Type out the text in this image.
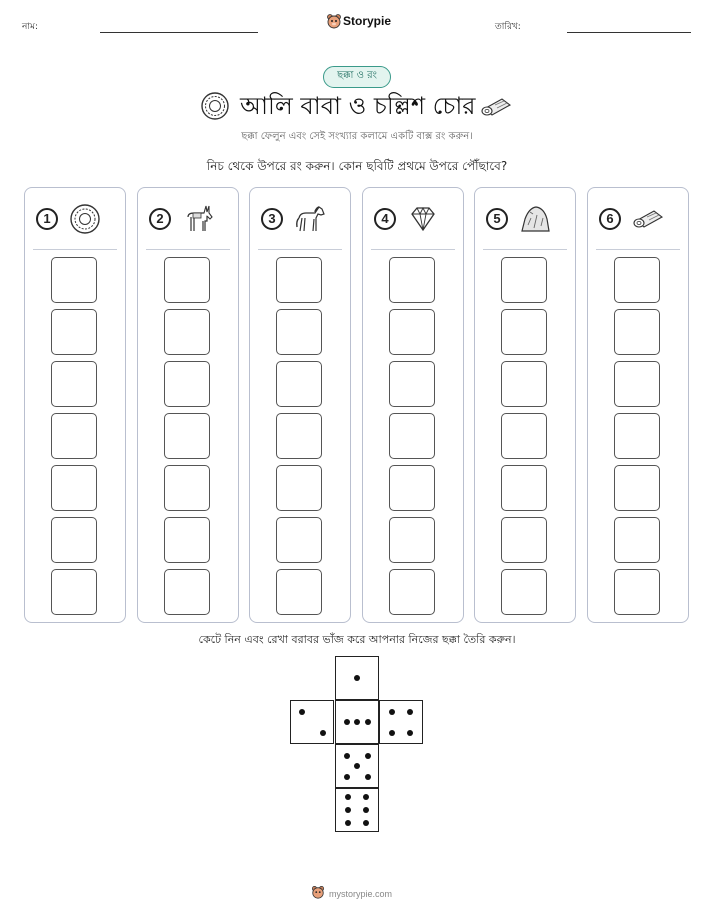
নাম:	Storypie	তারিখ:
ছক্কা ও রং
আলি বাবা ও চল্লিশ চোর
ছক্কা ফেলুন এবং সেই সংখ্যার কলামে একটি বাক্স রং করুন।
নিচ থেকে উপরে রং করুন। কোন ছবিটি প্রথমে উপরে পৌঁছাবে?
1	2	3	4	5	6
কেটে নিন এবং রেখা বরাবর ভাঁজ করে আপনার নিজের ছক্কা তৈরি করুন।
mystorypie.com
